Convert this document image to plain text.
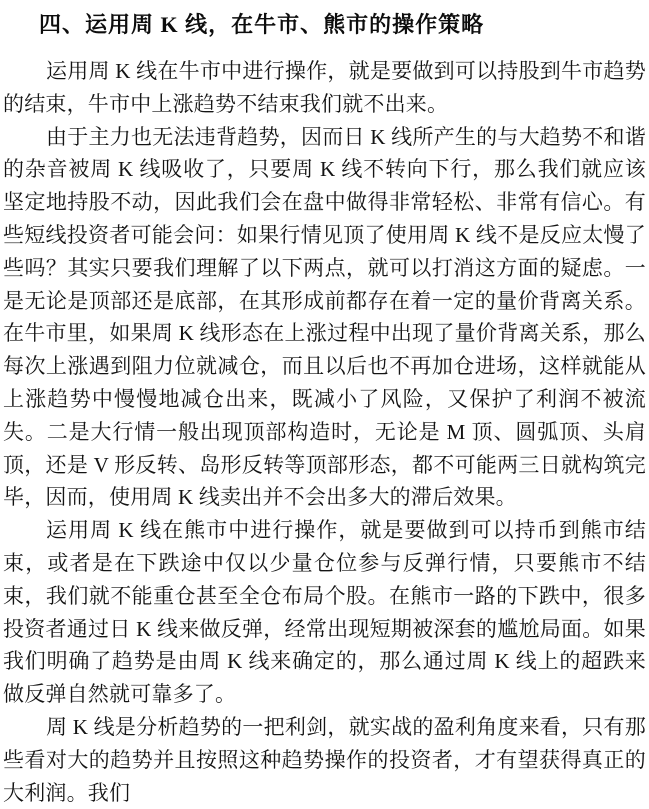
四、运用周 K 线，在牛市、熊市的操作策略

运用周 K 线在牛市中进行操作，就是要做到可以持股到牛市趋势的结束，牛市中上涨趋势不结束我们就不出来。

由于主力也无法违背趋势，因而日 K 线所产生的与大趋势不和谐的杂音被周 K 线吸收了，只要周 K 线不转向下行，那么我们就应该坚定地持股不动，因此我们会在盘中做得非常轻松、非常有信心。有些短线投资者可能会问：如果行情见顶了使用周 K 线不是反应太慢了些吗？其实只要我们理解了以下两点，就可以打消这方面的疑虑。一是无论是顶部还是底部，在其形成前都存在着一定的量价背离关系。在牛市里，如果周 K 线形态在上涨过程中出现了量价背离关系，那么每次上涨遇到阻力位就减仓，而且以后也不再加仓进场，这样就能从上涨趋势中慢慢地减仓出来，既减小了风险，又保护了利润不被流失。二是大行情一般出现顶部构造时，无论是 M 顶、圆弧顶、头肩顶，还是 V 形反转、岛形反转等顶部形态，都不可能两三日就构筑完毕，因而，使用周 K 线卖出并不会出多大的滞后效果。

运用周 K 线在熊市中进行操作，就是要做到可以持币到熊市结束，或者是在下跌途中仅以少量仓位参与反弹行情，只要熊市不结束，我们就不能重仓甚至全仓布局个股。在熊市一路的下跌中，很多投资者通过日 K 线来做反弹，经常出现短期被深套的尴尬局面。如果我们明确了趋势是由周 K 线来确定的，那么通过周 K 线上的超跌来做反弹自然就可靠多了。

周 K 线是分析趋势的一把利剑，就实战的盈利角度来看，只有那些看对大的趋势并且按照这种趋势操作的投资者，才有望获得真正的大利润。我们
